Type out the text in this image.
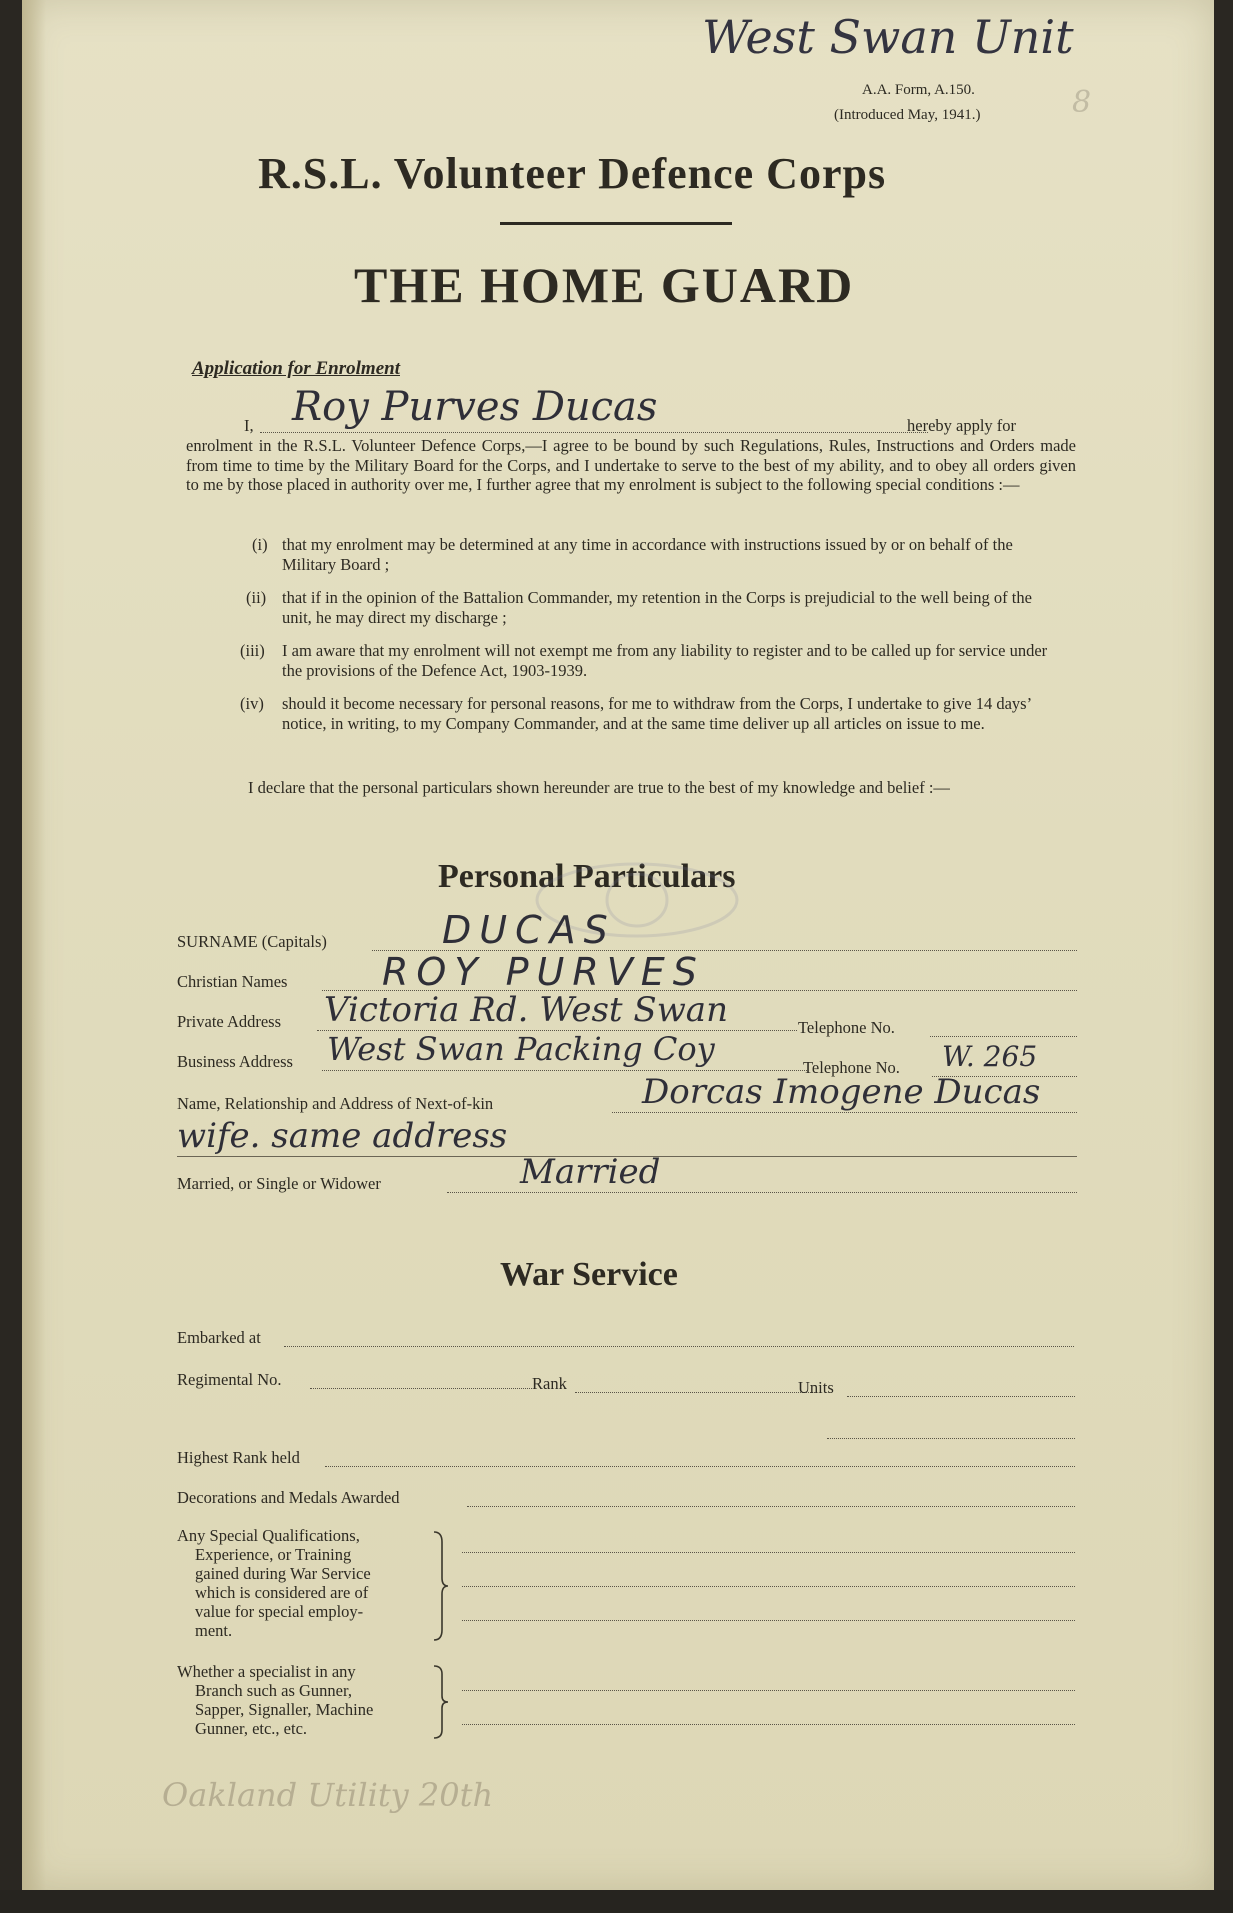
West Swan Unit
8
A.A. Form, A.150.
(Introduced May, 1941.)
R.S.L. Volunteer Defence Corps
THE HOME GUARD
Application for Enrolment
I, Roy Purves Ducas	hereby apply for
enrolment in the R.S.L. Volunteer Defence Corps,—I agree to be bound by such Regulations, Rules, Instructions and Orders made from time to time by the Military Board for the Corps, and I undertake to serve to the best of my ability, and to obey all orders given to me by those placed in authority over me, I further agree that my enrolment is subject to the following special conditions :—
(i) that my enrolment may be determined at any time in accordance with instructions issued by or on behalf of the Military Board ;
(ii) that if in the opinion of the Battalion Commander, my retention in the Corps is prejudicial to the well being of the unit, he may direct my discharge ;
(iii)	I am aware that my enrolment will not exempt me from any liability to register and to be called up for service under the provisions of the Defence Act, 1903-1939.
(iv)	should it become necessary for personal reasons, for me to withdraw from the Corps, I undertake to give 14 days’ notice, in writing, to my Company Commander, and at the same time deliver up all articles on issue to me.
I declare that the personal particulars shown hereunder are true to the best of my knowledge and belief :—
Personal Particulars
SURNAME (Capitals)	DUCAS
Christian Names ROY PURVES
Private Address Victoria Rd. West Swan	Telephone No.
Business Address West Swan Packing Coy	Telephone No. W. 265
Name, Relationship and Address of Next-of-kin	Dorcas Imogene Ducas
wife. same address
Married, or Single or Widower	Married
War Service
Embarked at
Regimental No.	Rank	Units
Highest Rank held
Decorations and Medals Awarded
Any Special Qualifications,
Experience, or Training
gained during War Service
which is considered are of
value for special employ-
ment.
Whether a specialist in any
Branch such as Gunner,
Sapper, Signaller, Machine
Gunner, etc., etc.
Oakland Utility 20th
